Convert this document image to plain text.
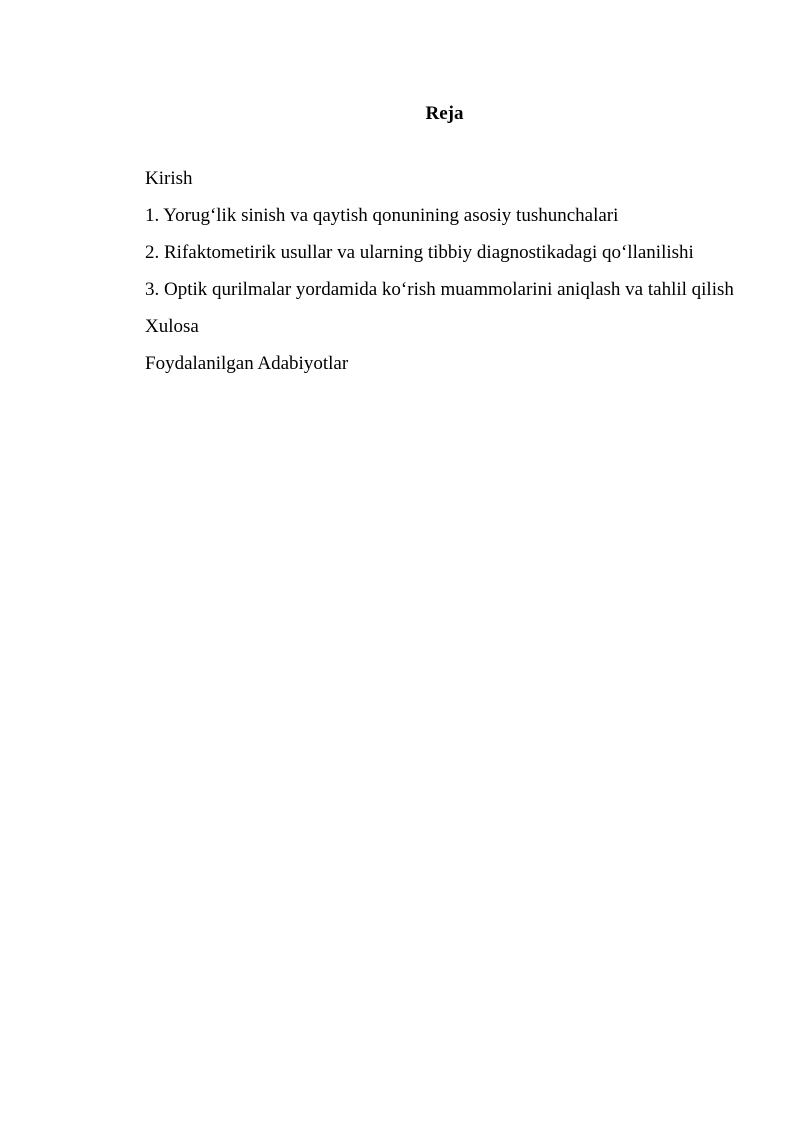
Reja

Kirish

1. Yorug‘lik sinish va qaytish qonunining asosiy tushunchalari

2. Rifaktometirik usullar va ularning tibbiy diagnostikadagi qo‘llanilishi

3. Optik qurilmalar yordamida ko‘rish muammolarini aniqlash va tahlil qilish

Xulosa

Foydalanilgan Adabiyotlar
